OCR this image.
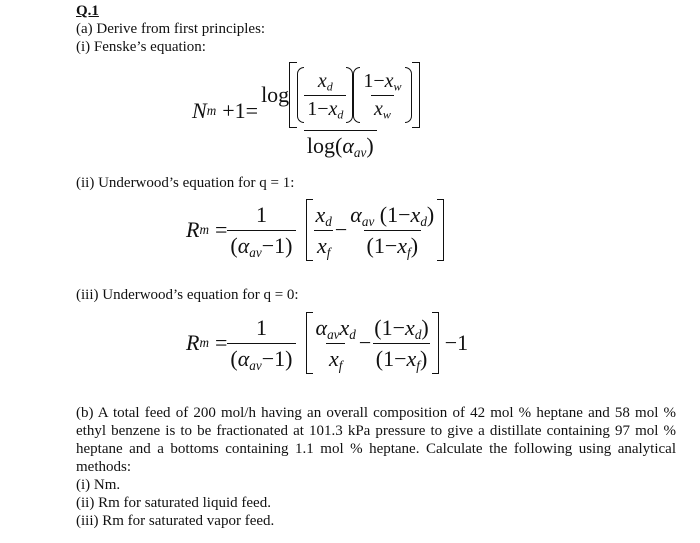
Q.1
(a) Derive from first principles:
(i) Fenske’s equation:
N m +1 =
$\log \frac{x_d}{1-x_d} \frac{1-x_w}{x_w}$
$\log(\alpha_{av})$
(ii) Underwood’s equation for q = 1:
R $m = \frac{1}{(\alpha_{av}-1)} \frac{x_d}{x_f} - \frac{\alpha_{av} (1-x_d)}{(1-x_f)}$
(iii) Underwood’s equation for q = 0:
R $m = \frac{1}{(\alpha_{av}-1)} \frac{\alpha_{av}x_d}{x_f} - \frac{(1-x_d)}{(1-x_f)} -1$
(b) A total feed of 200 mol/h having an overall composition of 42 mol % heptane and 58 mol % ethyl benzene is to be fractionated at 101.3 kPa pressure to give a distillate containing 97 mol % heptane and a bottoms containing 1.1 mol % heptane. Calculate the following using analytical methods:
(i) Nm.
(ii) Rm for saturated liquid feed.
(iii) Rm for saturated vapor feed.
